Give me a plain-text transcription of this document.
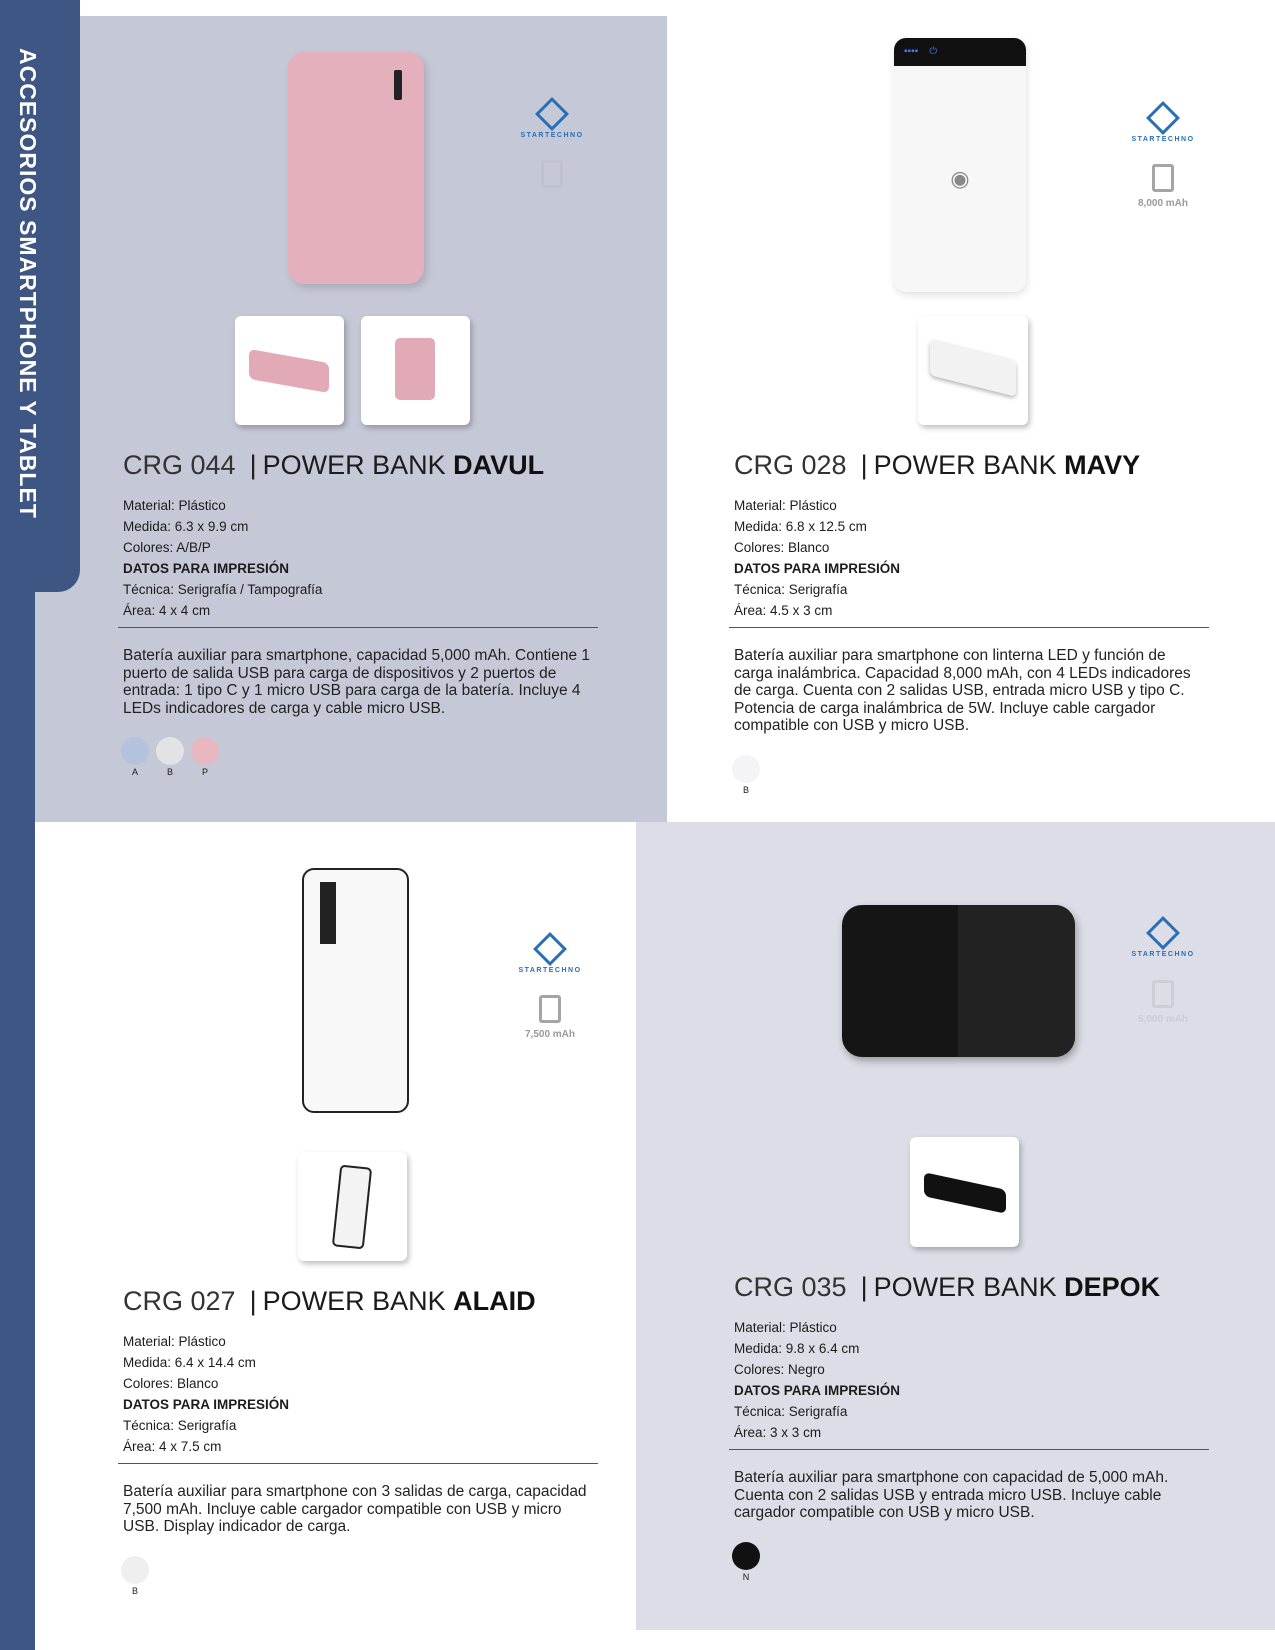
ACCESORIOS SMARTPHONE Y TABLET	▪▪▪▪    ⏻
◉
STARTECHNO
STARTECHNO
8,000 mAh
STARTECHNO
7,500 mAh
STARTECHNO
5,000 mAh
CRG 044 | POWER BANK DAVUL
Material: Plástico
Medida: 6.3 x 9.9 cm
Colores: A/B/P
DATOS PARA IMPRESIÓN
Técnica: Serigrafía / Tampografía
Área: 4 x 4 cm
Batería auxiliar para smartphone, capacidad 5,000 mAh. Contiene 1 puerto de salida USB para carga de dispositivos y 2 puertos de entrada: 1 tipo C y 1 micro USB para carga de la batería. Incluye 4 LEDs indicadores de carga y cable micro USB.
A	B	P
CRG 028 | POWER BANK MAVY
Material: Plástico
Medida: 6.8 x 12.5 cm
Colores: Blanco
DATOS PARA IMPRESIÓN
Técnica: Serigrafía
Área: 4.5 x 3 cm
Batería auxiliar para smartphone con linterna LED y función de carga inalámbrica. Capacidad 8,000 mAh, con 4 LEDs indicadores de carga. Cuenta con 2 salidas USB, entrada micro USB y tipo C. Potencia de carga inalámbrica de 5W. Incluye cable cargador compatible con USB y micro USB.
B
CRG 027 | POWER BANK ALAID
Material: Plástico
Medida: 6.4 x 14.4 cm
Colores: Blanco
DATOS PARA IMPRESIÓN
Técnica: Serigrafía
Área: 4 x 7.5 cm
Batería auxiliar para smartphone con 3 salidas de carga, capacidad 7,500 mAh. Incluye cable cargador compatible con USB y micro USB. Display indicador de carga.
B
CRG 035 | POWER BANK DEPOK
Material: Plástico
Medida: 9.8 x 6.4 cm
Colores: Negro
DATOS PARA IMPRESIÓN
Técnica: Serigrafía
Área: 3 x 3 cm
Batería auxiliar para smartphone con capacidad de 5,000 mAh. Cuenta con 2 salidas USB y entrada micro USB. Incluye cable cargador compatible con USB y micro USB.
N
